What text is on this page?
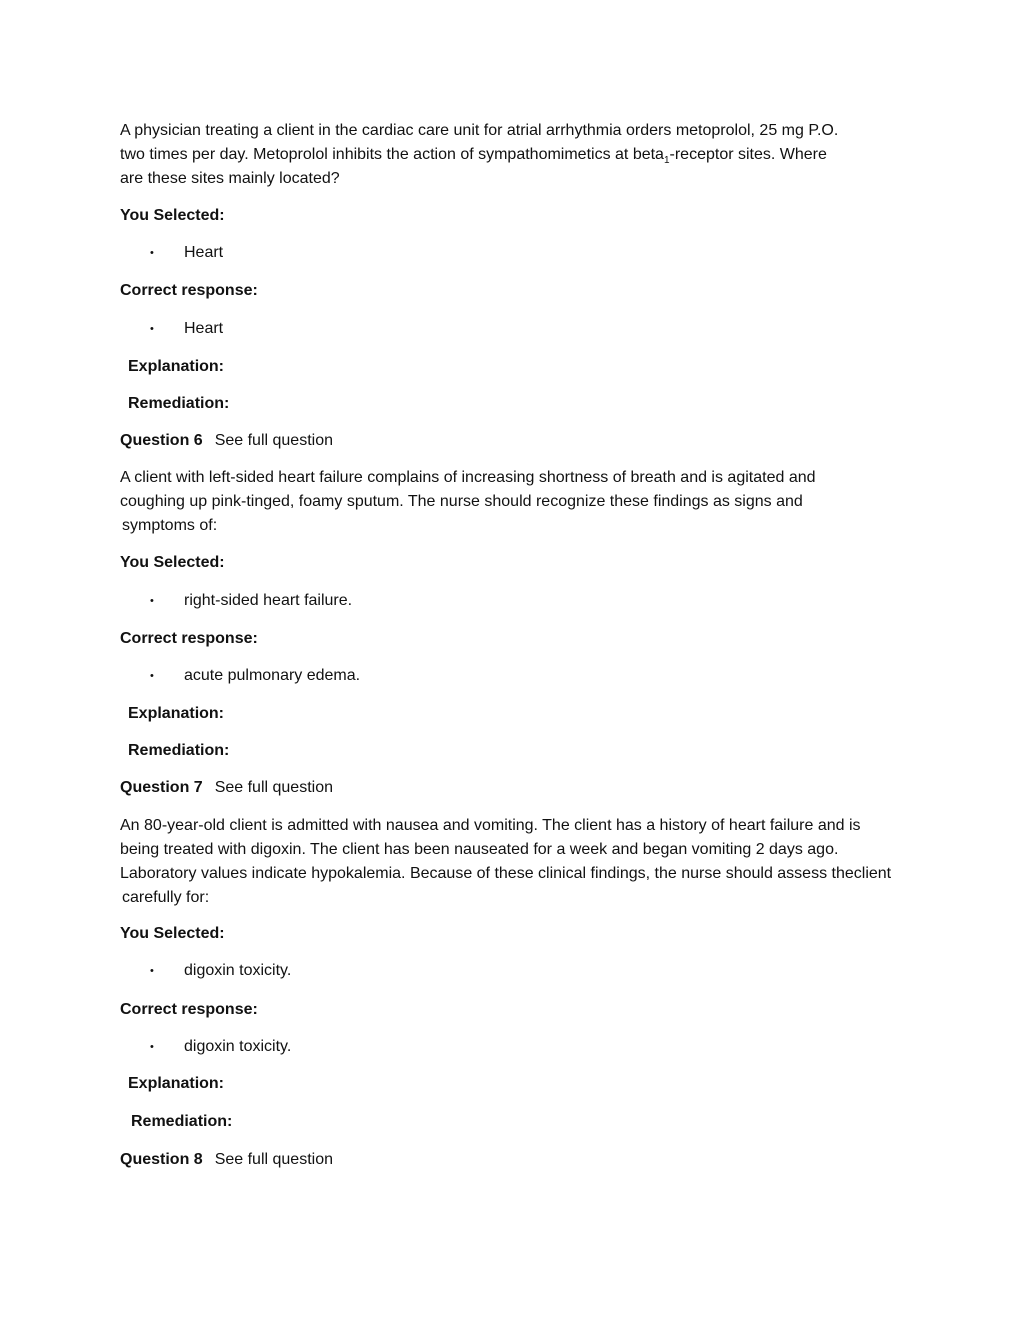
A physician treating a client in the cardiac care unit for atrial arrhythmia orders metoprolol, 25 mg P.O.
two times per day. Metoprolol inhibits the action of sympathomimetics at beta$_1$-receptor sites. Where
are these sites mainly located?
You Selected:
•	Heart
Correct response:
•	Heart
Explanation:
Remediation:
Question 6 See full question
A client with left-sided heart failure complains of increasing shortness of breath and is agitated and
coughing up pink-tinged, foamy sputum. The nurse should recognize these findings as signs and
symptoms of:
You Selected:
•	right-sided heart failure.
Correct response:
•	acute pulmonary edema.
Explanation:
Remediation:
Question 7 See full question
An 80-year-old client is admitted with nausea and vomiting. The client has a history of heart failure and is
being treated with digoxin. The client has been nauseated for a week and began vomiting 2 days ago.
Laboratory values indicate hypokalemia. Because of these clinical findings, the nurse should assess theclient
carefully for:
You Selected:
•	digoxin toxicity.
Correct response:
•	digoxin toxicity.
Explanation:
Remediation:
Question 8 See full question
